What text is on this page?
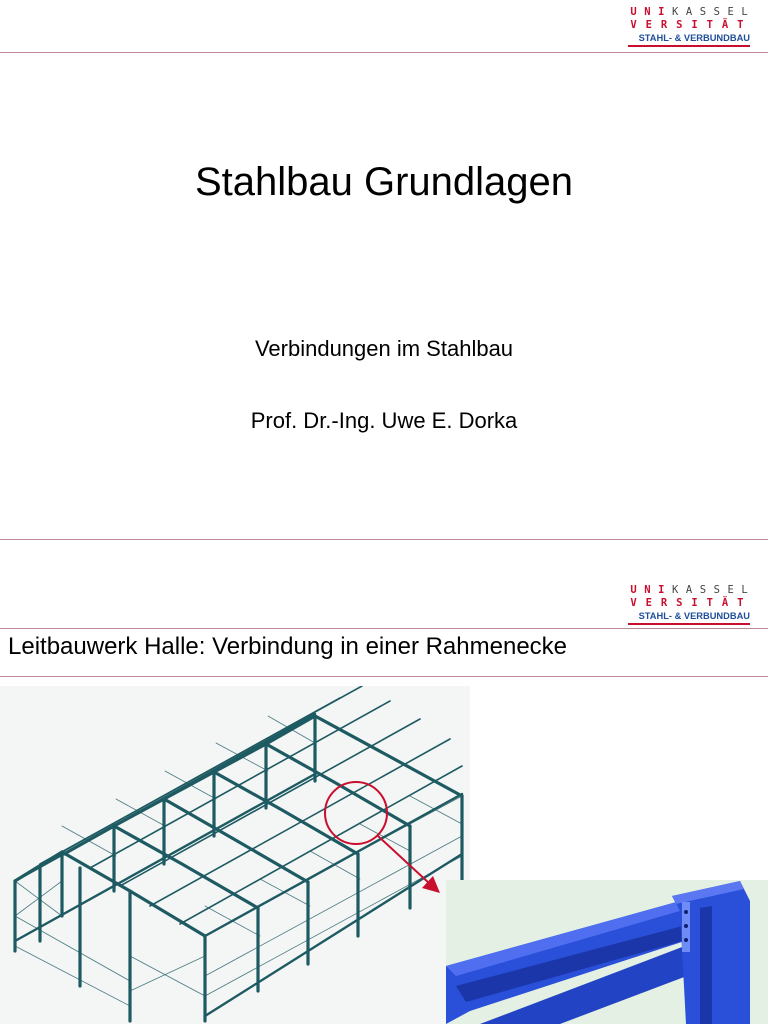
U N I K A S S E L
V E R S I T Ä T
STAHL- & VERBUNDBAU
Stahlbau Grundlagen
Verbindungen im Stahlbau
Prof. Dr.-Ing. Uwe E. Dorka
U N I K A S S E L
V E R S I T Ä T
STAHL- & VERBUNDBAU
Leitbauwerk Halle: Verbindung in einer Rahmenecke
